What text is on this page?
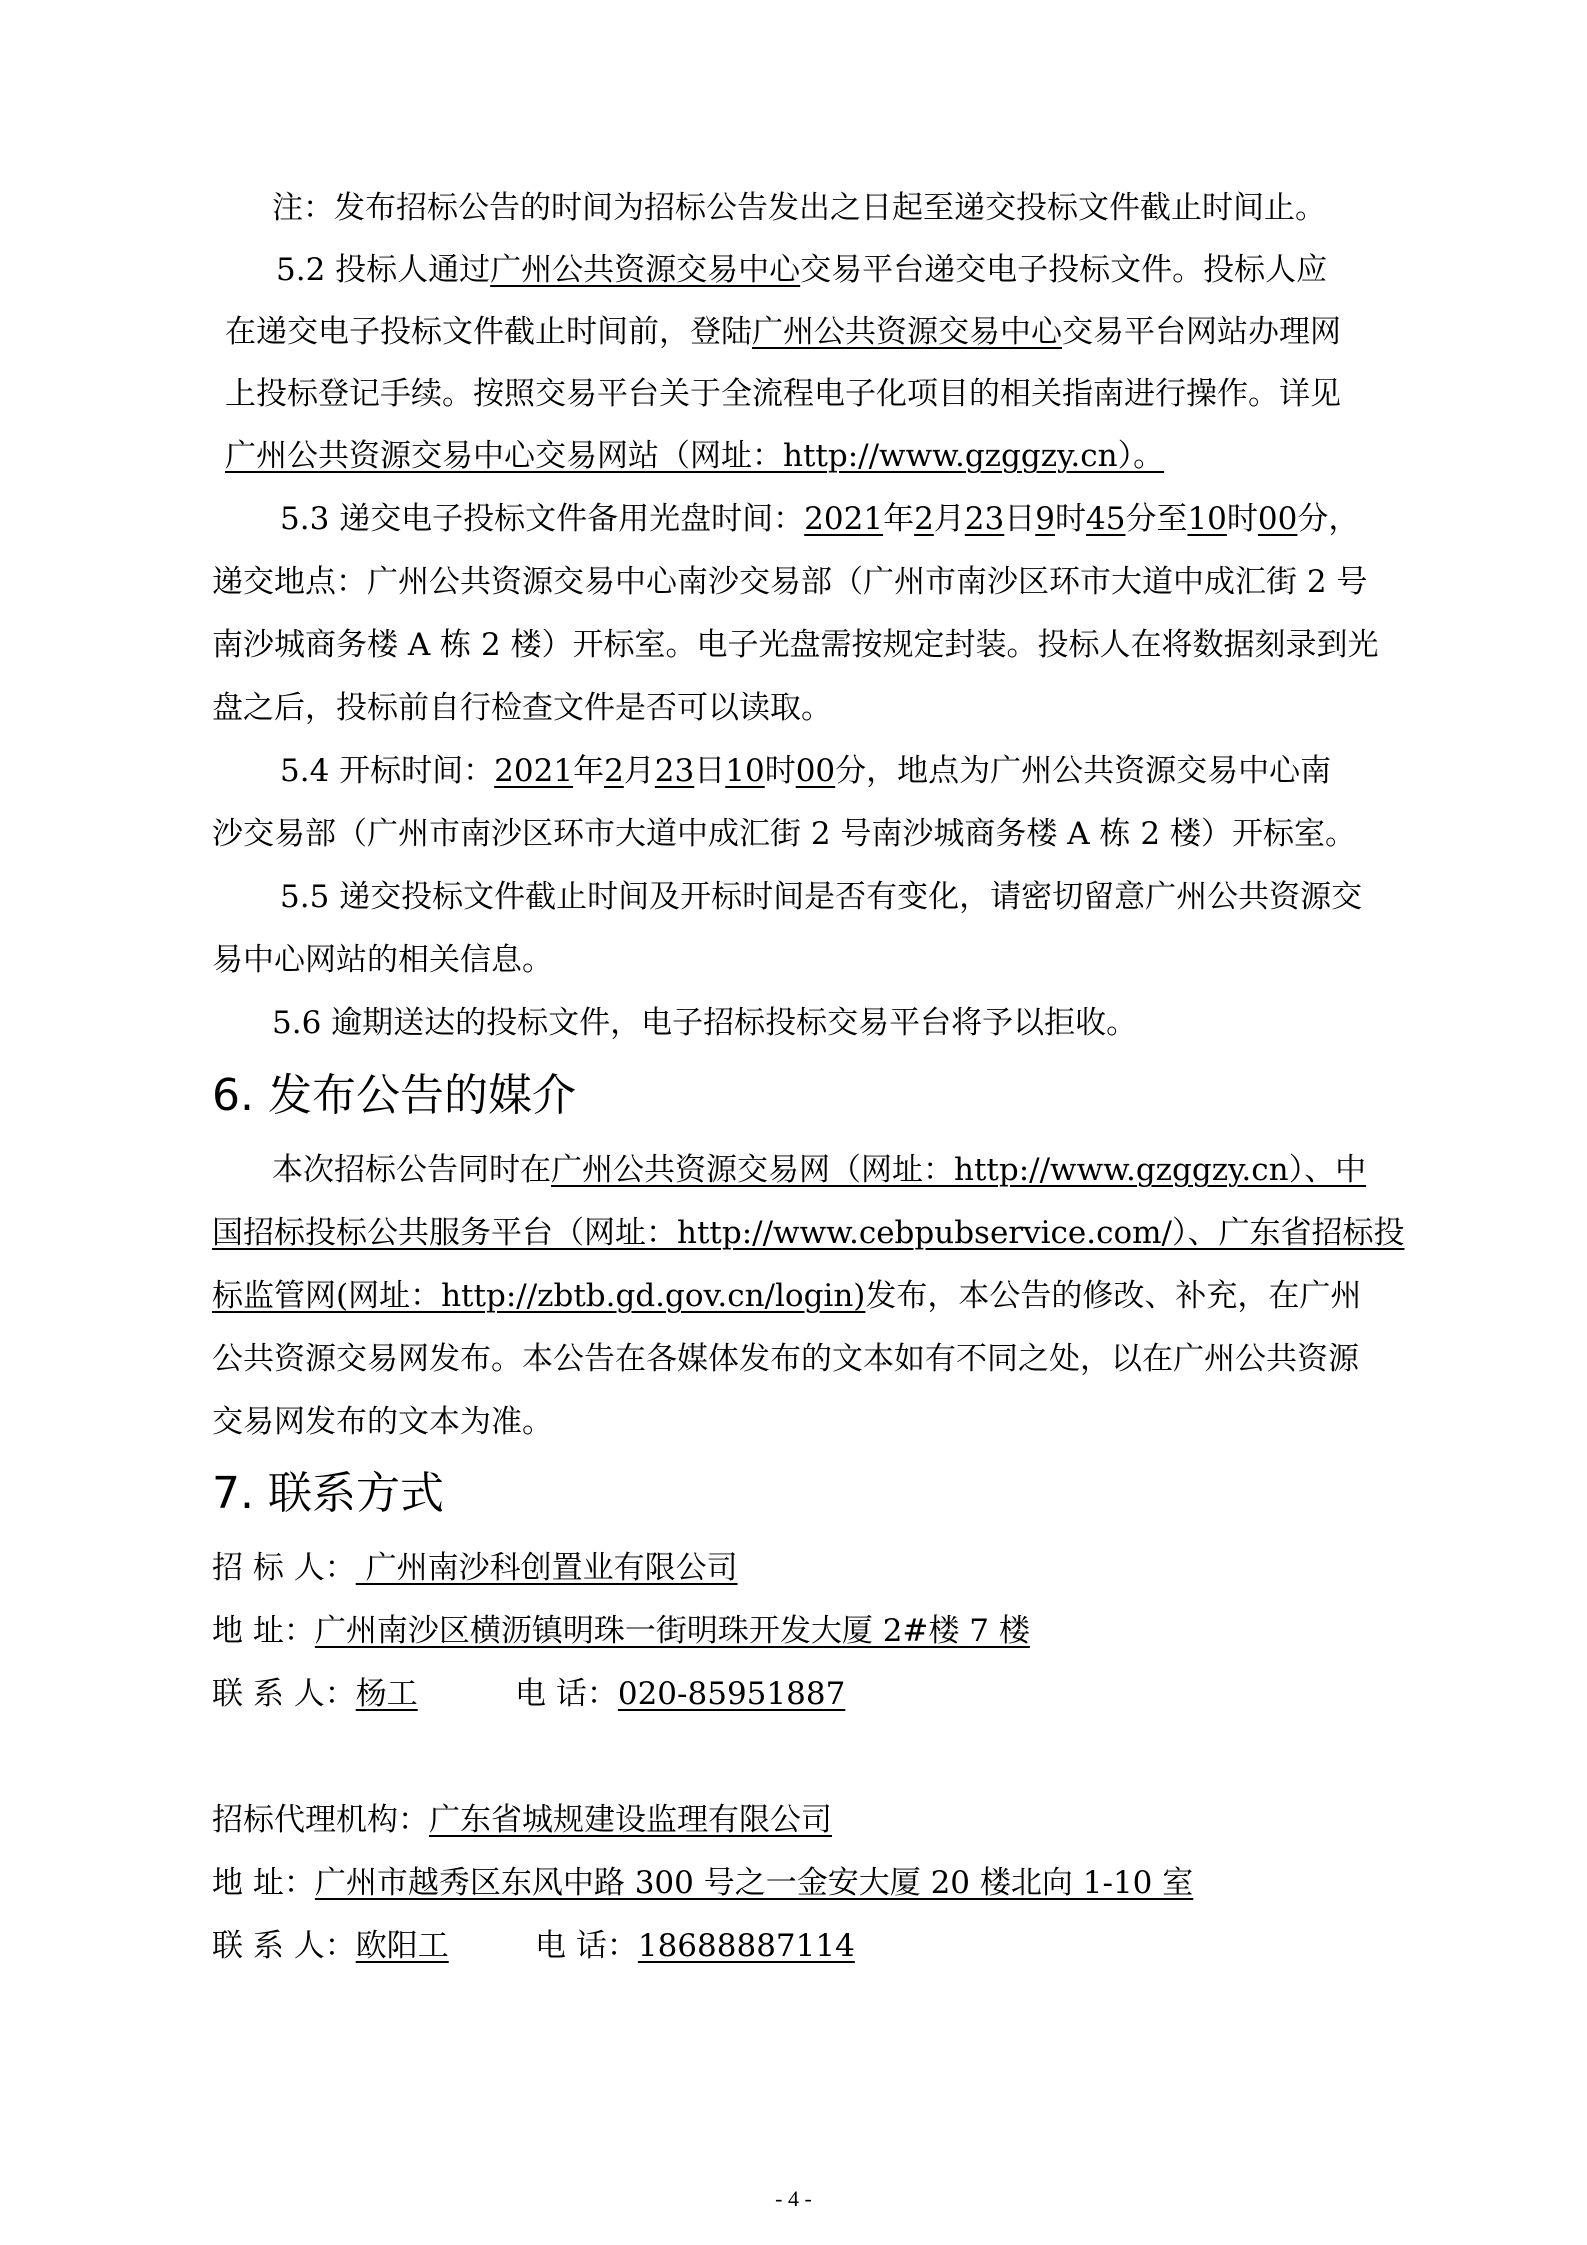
注：发布招标公告的时间为招标公告发出之日起至递交投标文件截止时间止。
5.2 投标人通过广州公共资源交易中心交易平台递交电子投标文件。投标人应
在递交电子投标文件截止时间前，登陆广州公共资源交易中心交易平台网站办理网
上投标登记手续。按照交易平台关于全流程电子化项目的相关指南进行操作。详见
广州公共资源交易中心交易网站（网址：http://www.gzggzy.cn）。
5.3 递交电子投标文件备用光盘时间：2021年2月23日9时45分至10时00分，
递交地点：广州公共资源交易中心南沙交易部（广州市南沙区环市大道中成汇街 2 号
南沙城商务楼 A 栋 2 楼）开标室。电子光盘需按规定封装。投标人在将数据刻录到光
盘之后，投标前自行检查文件是否可以读取。
5.4 开标时间：2021年2月23日10时00分，地点为广州公共资源交易中心南
沙交易部（广州市南沙区环市大道中成汇街 2 号南沙城商务楼 A 栋 2 楼）开标室。
5.5 递交投标文件截止时间及开标时间是否有变化，请密切留意广州公共资源交
易中心网站的相关信息。
5.6 逾期送达的投标文件，电子招标投标交易平台将予以拒收。
6. 发布公告的媒介
本次招标公告同时在广州公共资源交易网（网址：http://www.gzggzy.cn）、中
国招标投标公共服务平台（网址：http://www.cebpubservice.com/）、广东省招标投
标监管网(网址：http://zbtb.gd.gov.cn/login)发布，本公告的修改、补充，在广州
公共资源交易网发布。本公告在各媒体发布的文本如有不同之处，以在广州公共资源
交易网发布的文本为准。
7. 联系方式
招 标 人： 广州南沙科创置业有限公司
地 址：广州南沙区横沥镇明珠一街明珠开发大厦 2#楼 7 楼
联 系 人：杨工	电 话：020-85951887
招标代理机构：广东省城规建设监理有限公司
地 址：广州市越秀区东风中路 300 号之一金安大厦 20 楼北向 1-10 室
联 系 人：欧阳工	电 话：18688887114
- 4 -
